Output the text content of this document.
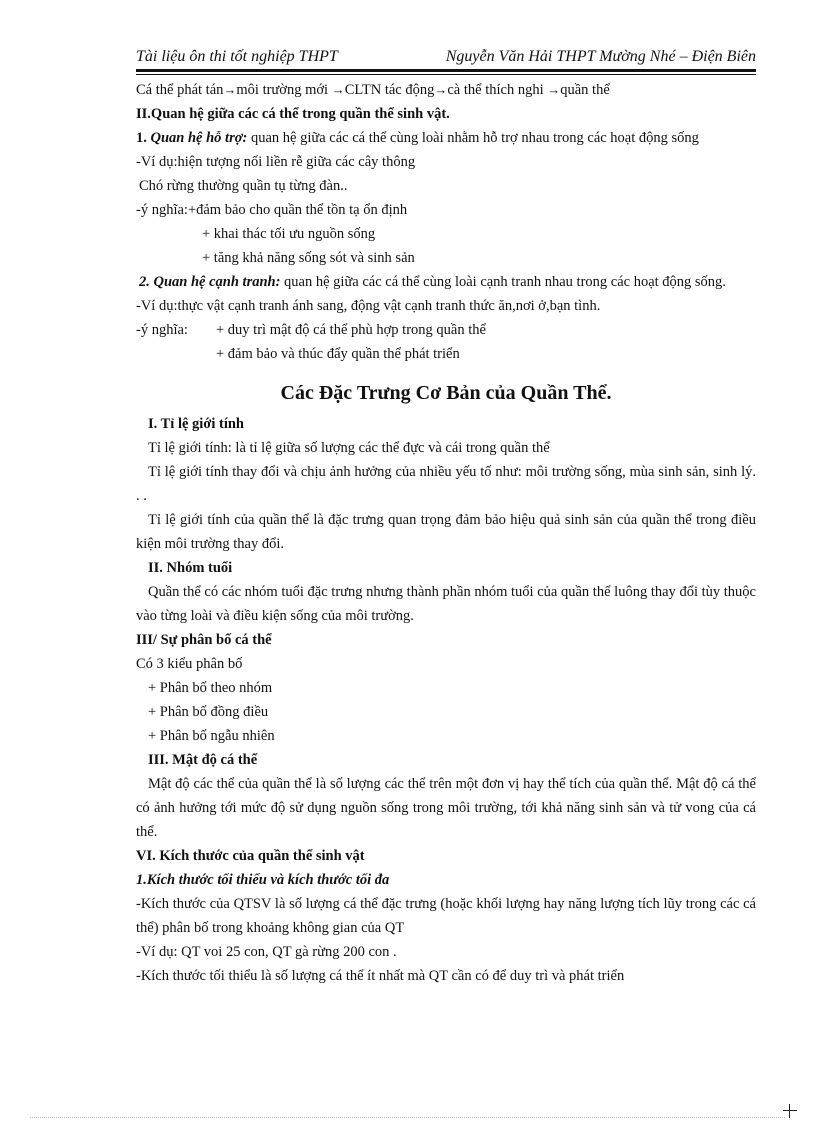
Tài liệu ôn thi tốt nghiệp THPT	Nguyễn Văn Hải THPT Mường Nhé – Điện Biên
Cá thể phát tán→môi trường mới →CLTN tác động→cà thể thích nghi →quần thể
II.Quan hệ giữa các cá thể trong quần thể sinh vật.
1. Quan hệ hỗ trợ: quan hệ giữa các cá thể cùng loài nhằm hỗ trợ nhau trong các hoạt động sống
-Ví dụ:hiện tượng nối liền rễ giữa các cây thông
Chó rừng thường quần tụ từng đàn..
-ý nghĩa:+đảm bảo cho quần thể tồn tạ ổn định
+ khai thác tối ưu nguồn sống
+ tăng khả năng sống sót và sinh sản
2. Quan hệ cạnh tranh: quan hệ giữa các cá thể cùng loài cạnh tranh nhau trong các hoạt động sống.
-Ví dụ:thực vật cạnh tranh ánh sang, động vật cạnh tranh thức ăn,nơi ở,bạn tình.
-ý nghĩa: + duy trì mật độ cá thể phù hợp trong quần thể
+ đảm bảo và thúc đẩy quần thể phát triển
Các Đặc Trưng Cơ Bản của Quần Thể.
I. Tỉ lệ giới tính
Tỉ lệ giới tính: là tỉ lệ giữa số lượng các thể đực và cái trong quần thể
Tỉ lệ giới tính thay đổi và chịu ảnh hưởng của nhiều yếu tố như: môi trường sống, mùa sinh sản, sinh lý. . .
Tỉ lệ giới tính của quần thể là đặc trưng quan trọng đảm bảo hiệu quả sinh sản của quần thể trong điều kiện môi trường thay đổi.
II. Nhóm tuổi
Quần thể có các nhóm tuổi đặc trưng nhưng thành phần nhóm tuổi của quần thể luông thay đổi tùy thuộc vào từng loài và điều kiện sống của môi trường.
III/ Sự phân bố cá thể
Có 3 kiểu phân bố
+ Phân bố theo nhóm
+ Phân bố đồng điều
+ Phân bố ngẫu nhiên
III. Mật độ cá thể
Mật độ các thể của quần thể là số lượng các thể trên một đơn vị hay thể tích của quần thể. Mật độ cá thể có ảnh hưởng tới mức độ sử dụng nguồn sống trong môi trường, tới khả năng sinh sản và tử vong của cá thể.
VI. Kích thước của quần thể sinh vật
1.Kích thước tối thiểu và kích thước tối đa
-Kích thước của QTSV là số lượng cá thể đặc trưng (hoặc khối lượng hay năng lượng tích lũy trong các cá thể) phân bố trong khoảng không gian của QT
-Ví dụ: QT voi 25 con, QT gà rừng 200 con .
-Kích thước tối thiểu là số lượng cá thể ít nhất mà QT cần có để duy trì và phát triển
